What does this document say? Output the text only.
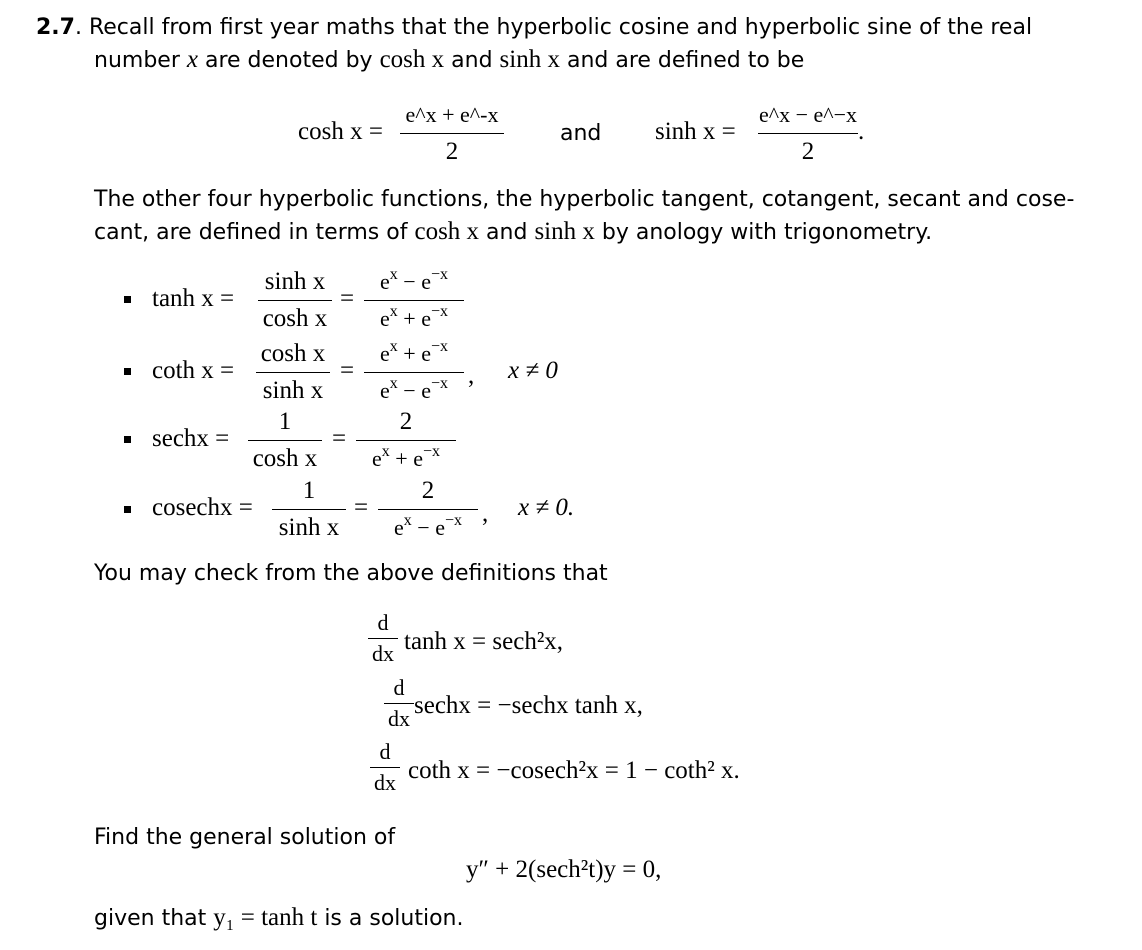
2.7. Recall from first year maths that the hyperbolic cosine and hyperbolic sine of the real
number x are denoted by cosh x and sinh x and are defined to be
cosh x =
e^x + e^-x
2
and sinh x =
e^x − e^−x
2
.
The other four hyperbolic functions, the hyperbolic tangent, cotangent, secant and cose-
cant, are defined in terms of cosh x and sinh x by anology with trigonometry.
tanh x =
sinh x
cosh x
=
$e^x - e^{-x}$
$e^x + e^{-x}$
coth x =
cosh x
sinh x
=
$e^x + e^{-x}$
$e^x - e^{-x}$ , x ≠ 0
sechx =
1
cosh x
=
2
$e^x + e^{-x}$
cosechx =
1
sinh x
=
2
$e^x - e^{-x}$ , x ≠ 0.
You may check from the above definitions that
d
dx tanh x = sech²x,
d
dx sechx = −sechx tanh x,
d
dx coth x = −cosech²x = 1 − coth² x.
Find the general solution of
y″ + 2(sech²t)y = 0,
given that y₁ = tanh t is a solution.
